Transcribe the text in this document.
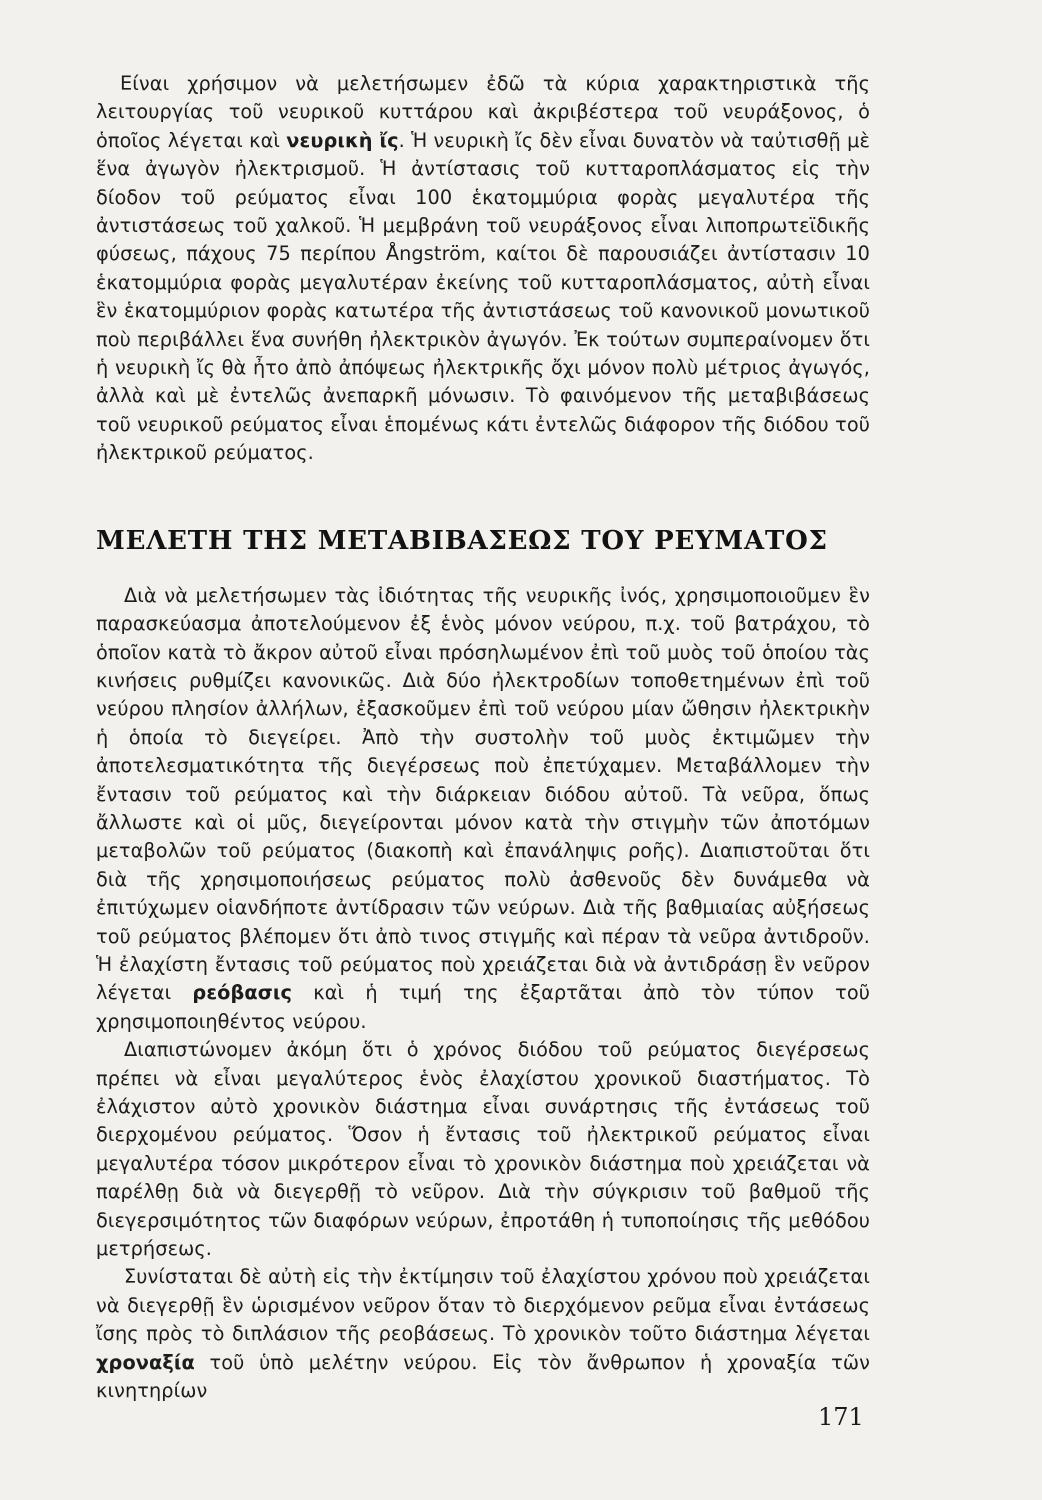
Είναι χρήσιμον νὰ μελετήσωμεν ἐδῶ τὰ κύρια χαρακτηριστικὰ τῆς λειτουργίας τοῦ νευρικοῦ κυττάρου καὶ ἀκριβέστερα τοῦ νευράξονος, ὁ ὁποῖος λέγεται καὶ νευρικὴ ἴς. Ἡ νευρικὴ ἴς δὲν εἶναι δυνατὸν νὰ ταὐτισθῇ μὲ ἕνα ἀγωγὸν ἠλεκτρισμοῦ. Ἡ ἀντίστασις τοῦ κυτταροπλάσματος εἰς τὴν δίοδον τοῦ ρεύματος εἶναι 100 ἑκατομμύρια φορὰς μεγαλυτέρα τῆς ἀντιστάσεως τοῦ χαλκοῦ. Ἡ μεμβράνη τοῦ νευράξονος εἶναι λιποπρωτεϊδικῆς φύσεως, πάχους 75 περίπου Ångström, καίτοι δὲ παρουσιάζει ἀντίστασιν 10 ἑκατομμύρια φορὰς μεγαλυτέραν ἐκείνης τοῦ κυτταροπλάσματος, αὐτὴ εἶναι ἓν ἑκατομμύριον φορὰς κατωτέρα τῆς ἀντιστάσεως τοῦ κανονικοῦ μονωτικοῦ ποὺ περιβάλλει ἕνα συνήθη ἠλεκτρικὸν ἀγωγόν. Ἐκ τούτων συμπεραίνομεν ὅτι ἡ νευρικὴ ἴς θὰ ἦτο ἀπὸ ἀπόψεως ἠλεκτρικῆς ὄχι μόνον πολὺ μέτριος ἀγωγός, ἀλλὰ καὶ μὲ ἐντελῶς ἀνεπαρκῆ μόνωσιν. Τὸ φαινόμενον τῆς μεταβιβάσεως τοῦ νευρικοῦ ρεύματος εἶναι ἑπομένως κάτι ἐντελῶς διάφορον τῆς διόδου τοῦ ἠλεκτρικοῦ ρεύματος.

ΜΕΛΕΤΗ ΤΗΣ ΜΕΤΑΒΙΒΑΣΕΩΣ ΤΟΥ ΡΕΥΜΑΤΟΣ

Διὰ νὰ μελετήσωμεν τὰς ἰδιότητας τῆς νευρικῆς ἰνός, χρησιμοποιοῦμεν ἓν παρασκεύασμα ἀποτελούμενον ἐξ ἑνὸς μόνον νεύρου, π.χ. τοῦ βατράχου, τὸ ὁποῖον κατὰ τὸ ἄκρον αὐτοῦ εἶναι πρόσηλωμένον ἐπὶ τοῦ μυὸς τοῦ ὁποίου τὰς κινήσεις ρυθμίζει κανονικῶς. Διὰ δύο ἠλεκτροδίων τοποθετημένων ἐπὶ τοῦ νεύρου πλησίον ἀλλήλων, ἐξασκοῦμεν ἐπὶ τοῦ νεύρου μίαν ὤθησιν ἠλεκτρικὴν ἡ ὁποία τὸ διεγείρει. Ἀπὸ τὴν συστολὴν τοῦ μυὸς ἐκτιμῶμεν τὴν ἀποτελεσματικότητα τῆς διεγέρσεως ποὺ ἐπετύχαμεν. Μεταβάλλομεν τὴν ἔντασιν τοῦ ρεύματος καὶ τὴν διάρκειαν διόδου αὐτοῦ. Τὰ νεῦρα, ὅπως ἄλλωστε καὶ οἱ μῦς, διεγείρονται μόνον κατὰ τὴν στιγμὴν τῶν ἀποτόμων μεταβολῶν τοῦ ρεύματος (διακοπὴ καὶ ἐπανάληψις ροῆς). Διαπιστοῦται ὅτι διὰ τῆς χρησιμοποιήσεως ρεύματος πολὺ ἀσθενοῦς δὲν δυνάμεθα νὰ ἐπιτύχωμεν οἱανδήποτε ἀντίδρασιν τῶν νεύρων. Διὰ τῆς βαθμιαίας αὐξήσεως τοῦ ρεύματος βλέπομεν ὅτι ἀπὸ τινος στιγμῆς καὶ πέραν τὰ νεῦρα ἀντιδροῦν. Ἡ ἐλαχίστη ἔντασις τοῦ ρεύματος ποὺ χρειάζεται διὰ νὰ ἀντιδράσῃ ἓν νεῦρον λέγεται ρεόβασις καὶ ἡ τιμή της ἐξαρτᾶται ἀπὸ τὸν τύπον τοῦ χρησιμοποιηθέντος νεύρου.

Διαπιστώνομεν ἀκόμη ὅτι ὁ χρόνος διόδου τοῦ ρεύματος διεγέρσεως πρέπει νὰ εἶναι μεγαλύτερος ἑνὸς ἐλαχίστου χρονικοῦ διαστήματος. Τὸ ἐλάχιστον αὐτὸ χρονικὸν διάστημα εἶναι συνάρτησις τῆς ἐντάσεως τοῦ διερχομένου ρεύματος. Ὅσον ἡ ἔντασις τοῦ ἠλεκτρικοῦ ρεύματος εἶναι μεγαλυτέρα τόσον μικρότερον εἶναι τὸ χρονικὸν διάστημα ποὺ χρειάζεται νὰ παρέλθῃ διὰ νὰ διεγερθῇ τὸ νεῦρον. Διὰ τὴν σύγκρισιν τοῦ βαθμοῦ τῆς διεγερσιμότητος τῶν διαφόρων νεύρων, ἐπροτάθη ἡ τυποποίησις τῆς μεθόδου μετρήσεως.

Συνίσταται δὲ αὐτὴ εἰς τὴν ἐκτίμησιν τοῦ ἐλαχίστου χρόνου ποὺ χρειάζεται νὰ διεγερθῇ ἓν ὡρισμένον νεῦρον ὅταν τὸ διερχόμενον ρεῦμα εἶναι ἐντάσεως ἴσης πρὸς τὸ διπλάσιον τῆς ρεοβάσεως. Τὸ χρονικὸν τοῦτο διάστημα λέγεται χροναξία τοῦ ὑπὸ μελέτην νεύρου. Εἰς τὸν ἄνθρωπον ἡ χροναξία τῶν κινητηρίων

171
